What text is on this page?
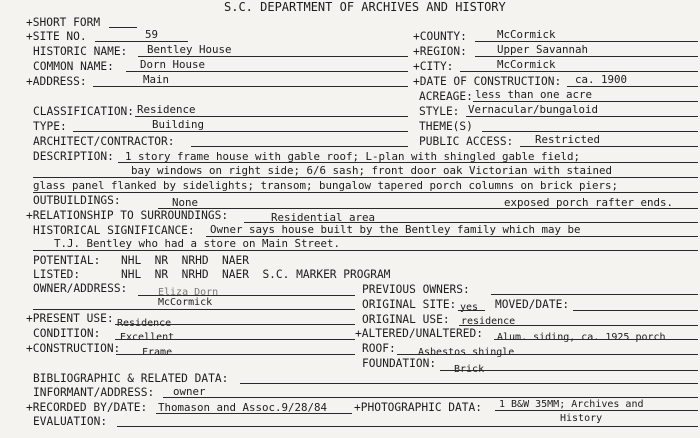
S.C. DEPARTMENT OF ARCHIVES AND HISTORY
+SHORT FORM
+SITE NO.	59	+COUNTY:	McCormick
HISTORIC NAME: Bentley House	+REGION:	Upper Savannah
COMMON NAME: Dorn House	+CITY:	McCormick
+ADDRESS:	Main	+DATE OF CONSTRUCTION: ca. 1900
ACREAGE: less than one acre
CLASSIFICATION: Residence	STYLE: Vernacular/bungaloid
TYPE:	Building	THEME(S)
ARCHITECT/CONTRACTOR:	PUBLIC ACCESS: Restricted
DESCRIPTION: 1 story frame house with gable roof; L-plan with shingled gable field;
bay windows on right side; 6/6 sash; front door oak Victorian with stained
glass panel flanked by sidelights; transom; bungalow tapered porch columns on brick piers;
OUTBUILDINGS:	None	exposed porch rafter ends.
+RELATIONSHIP TO SURROUNDINGS:	Residential area
HISTORICAL SIGNIFICANCE: Owner says house built by the Bentley family which may be
T.J. Bentley who had a store on Main Street.
POTENTIAL: NHL  NR  NRHD  NAER
LISTED:	NHL  NR  NRHD  NAER  S.C. MARKER PROGRAM
OWNER/ADDRESS:	Eliza Dorn
McCormick
PREVIOUS OWNERS:
ORIGINAL SITE: yes MOVED/DATE:
+PRESENT USE: Residence	ORIGINAL USE: residence
CONDITION: Excellent	+ALTERED/UNALTERED: Alum. siding, ca. 1925 porch
+CONSTRUCTION: Frame	ROOF: Asbestos shingle
FOUNDATION: Brick
BIBLIOGRAPHIC & RELATED DATA:
INFORMANT/ADDRESS: owner
+RECORDED BY/DATE: Thomason and Assoc.9/28/84 +PHOTOGRAPHIC DATA: 1 B&W 35MM; Archives and
History
EVALUATION:
